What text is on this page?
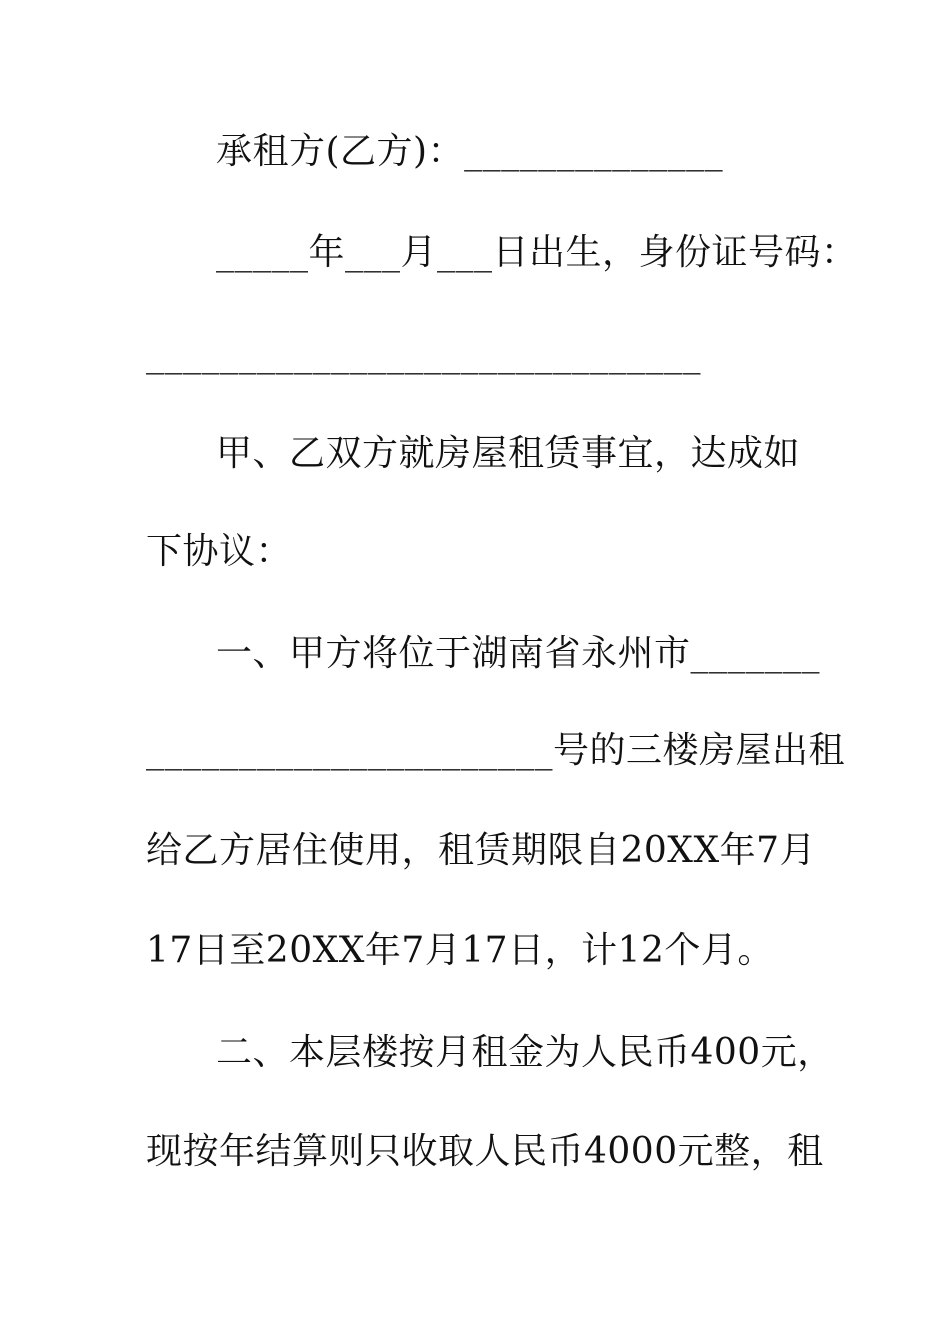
承租方(乙方)：______________
_____年___月___日出生，身份证号码：
______________________________
甲、乙双方就房屋租赁事宜，达成如
下协议：
一、甲方将位于湖南省永州市_______
______________________号的三楼房屋出租
给乙方居住使用，租赁期限自20XX年7月
17日至20XX年7月17日，计12个月。
二、本层楼按月租金为人民币400元，
现按年结算则只收取人民币4000元整，租
